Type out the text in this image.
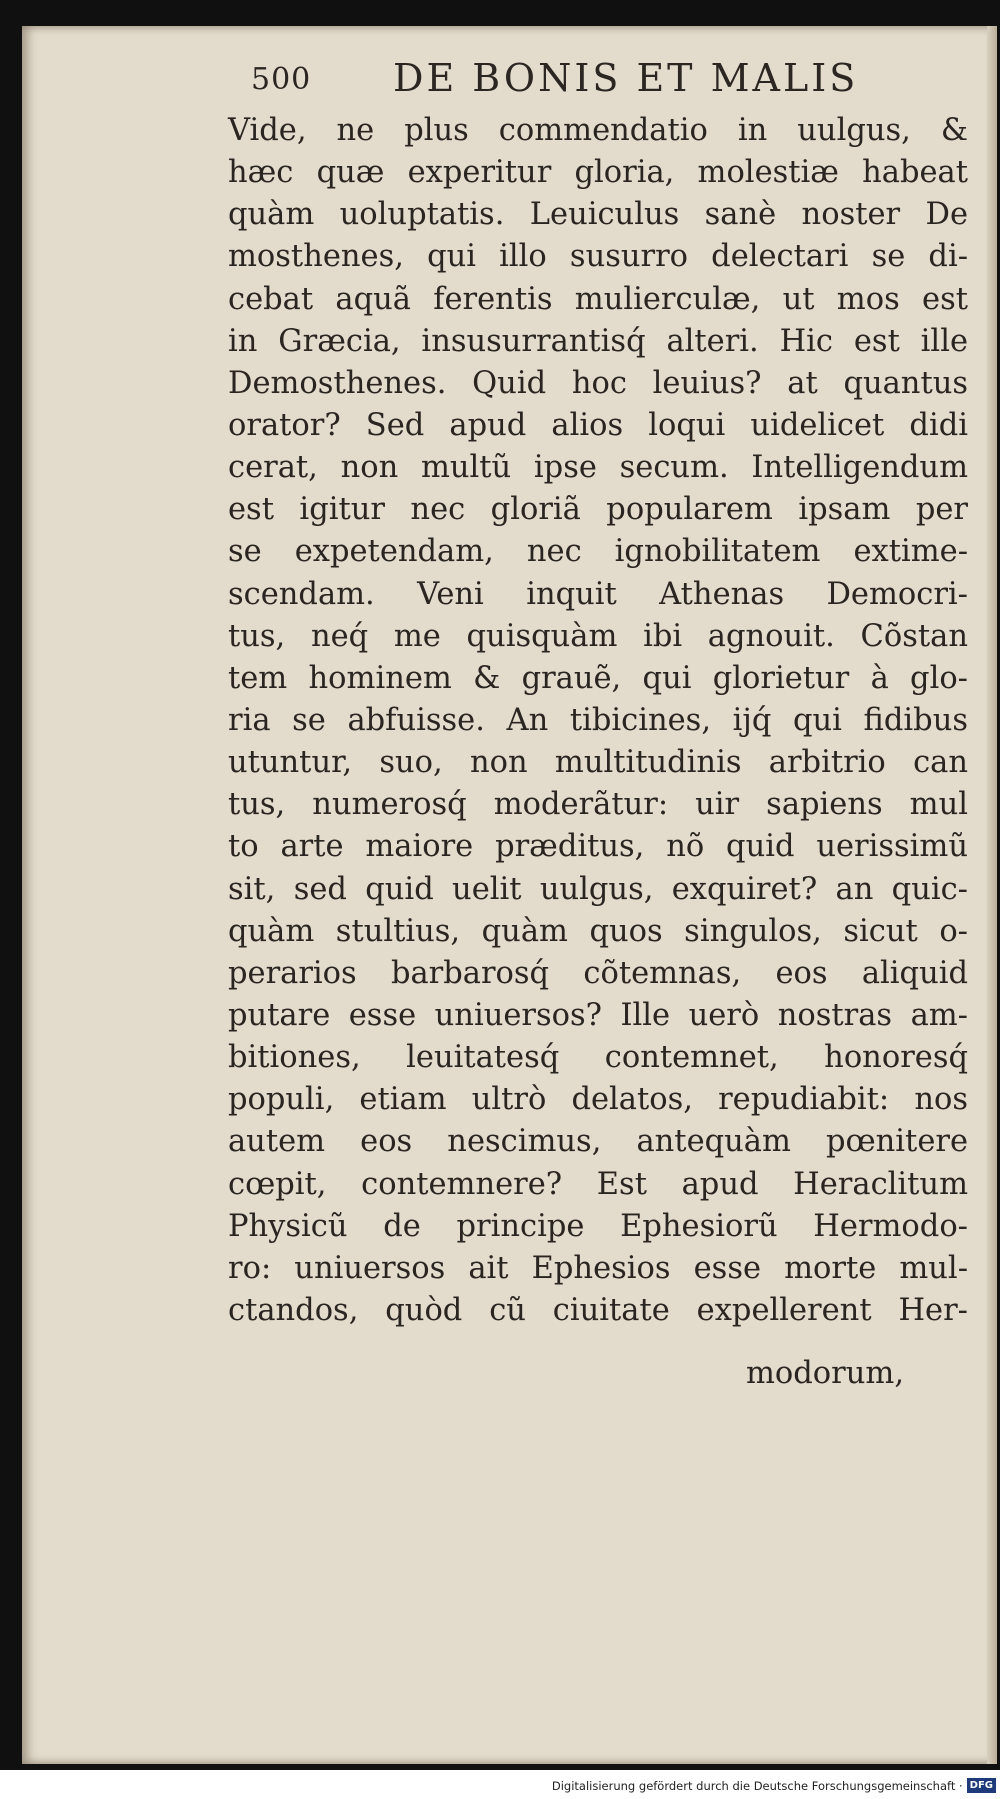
500 DE BONIS ET MALIS
Vide, ne plus commendatio in uulgus, &
hæc quæ experitur gloria, molestiæ habeat
quàm uoluptatis. Leuiculus sanè noster De
mosthenes, qui illo susurro delectari se di-
cebat aquã ferentis mulierculæ, ut mos est
in Græcia, insusurrantisq́ alteri. Hic est ille
Demosthenes. Quid hoc leuius? at quantus
orator? Sed apud alios loqui uidelicet didi
cerat, non multũ ipse secum. Intelligendum
est igitur nec gloriã popularem ipsam per
se expetendam, nec ignobilitatem extime-
scendam. Veni inquit Athenas Democri-
tus, neq́ me quisquàm ibi agnouit. Cõstan
tem hominem & grauẽ, qui glorietur à glo-
ria se abfuisse. An tibicines, ijq́ qui fidibus
utuntur, suo, non multitudinis arbitrio can
tus, numerosq́ moderãtur: uir sapiens mul
to arte maiore præditus, nõ quid uerissimũ
sit, sed quid uelit uulgus, exquiret? an quic-
quàm stultius, quàm quos singulos, sicut o-
perarios barbarosq́ cõtemnas, eos aliquid
putare esse uniuersos? Ille uerò nostras am-
bitiones, leuitatesq́ contemnet, honoresq́
populi, etiam ultrò delatos, repudiabit: nos
autem eos nescimus, antequàm pœnitere
cœpit, contemnere? Est apud Heraclitum
Physicũ de principe Ephesiorũ Hermodo-
ro: uniuersos ait Ephesios esse morte mul-
ctandos, quòd cũ ciuitate expellerent Her-
modorum,
Digitalisierung gefördert durch die Deutsche Forschungsgemeinschaft · DFG
